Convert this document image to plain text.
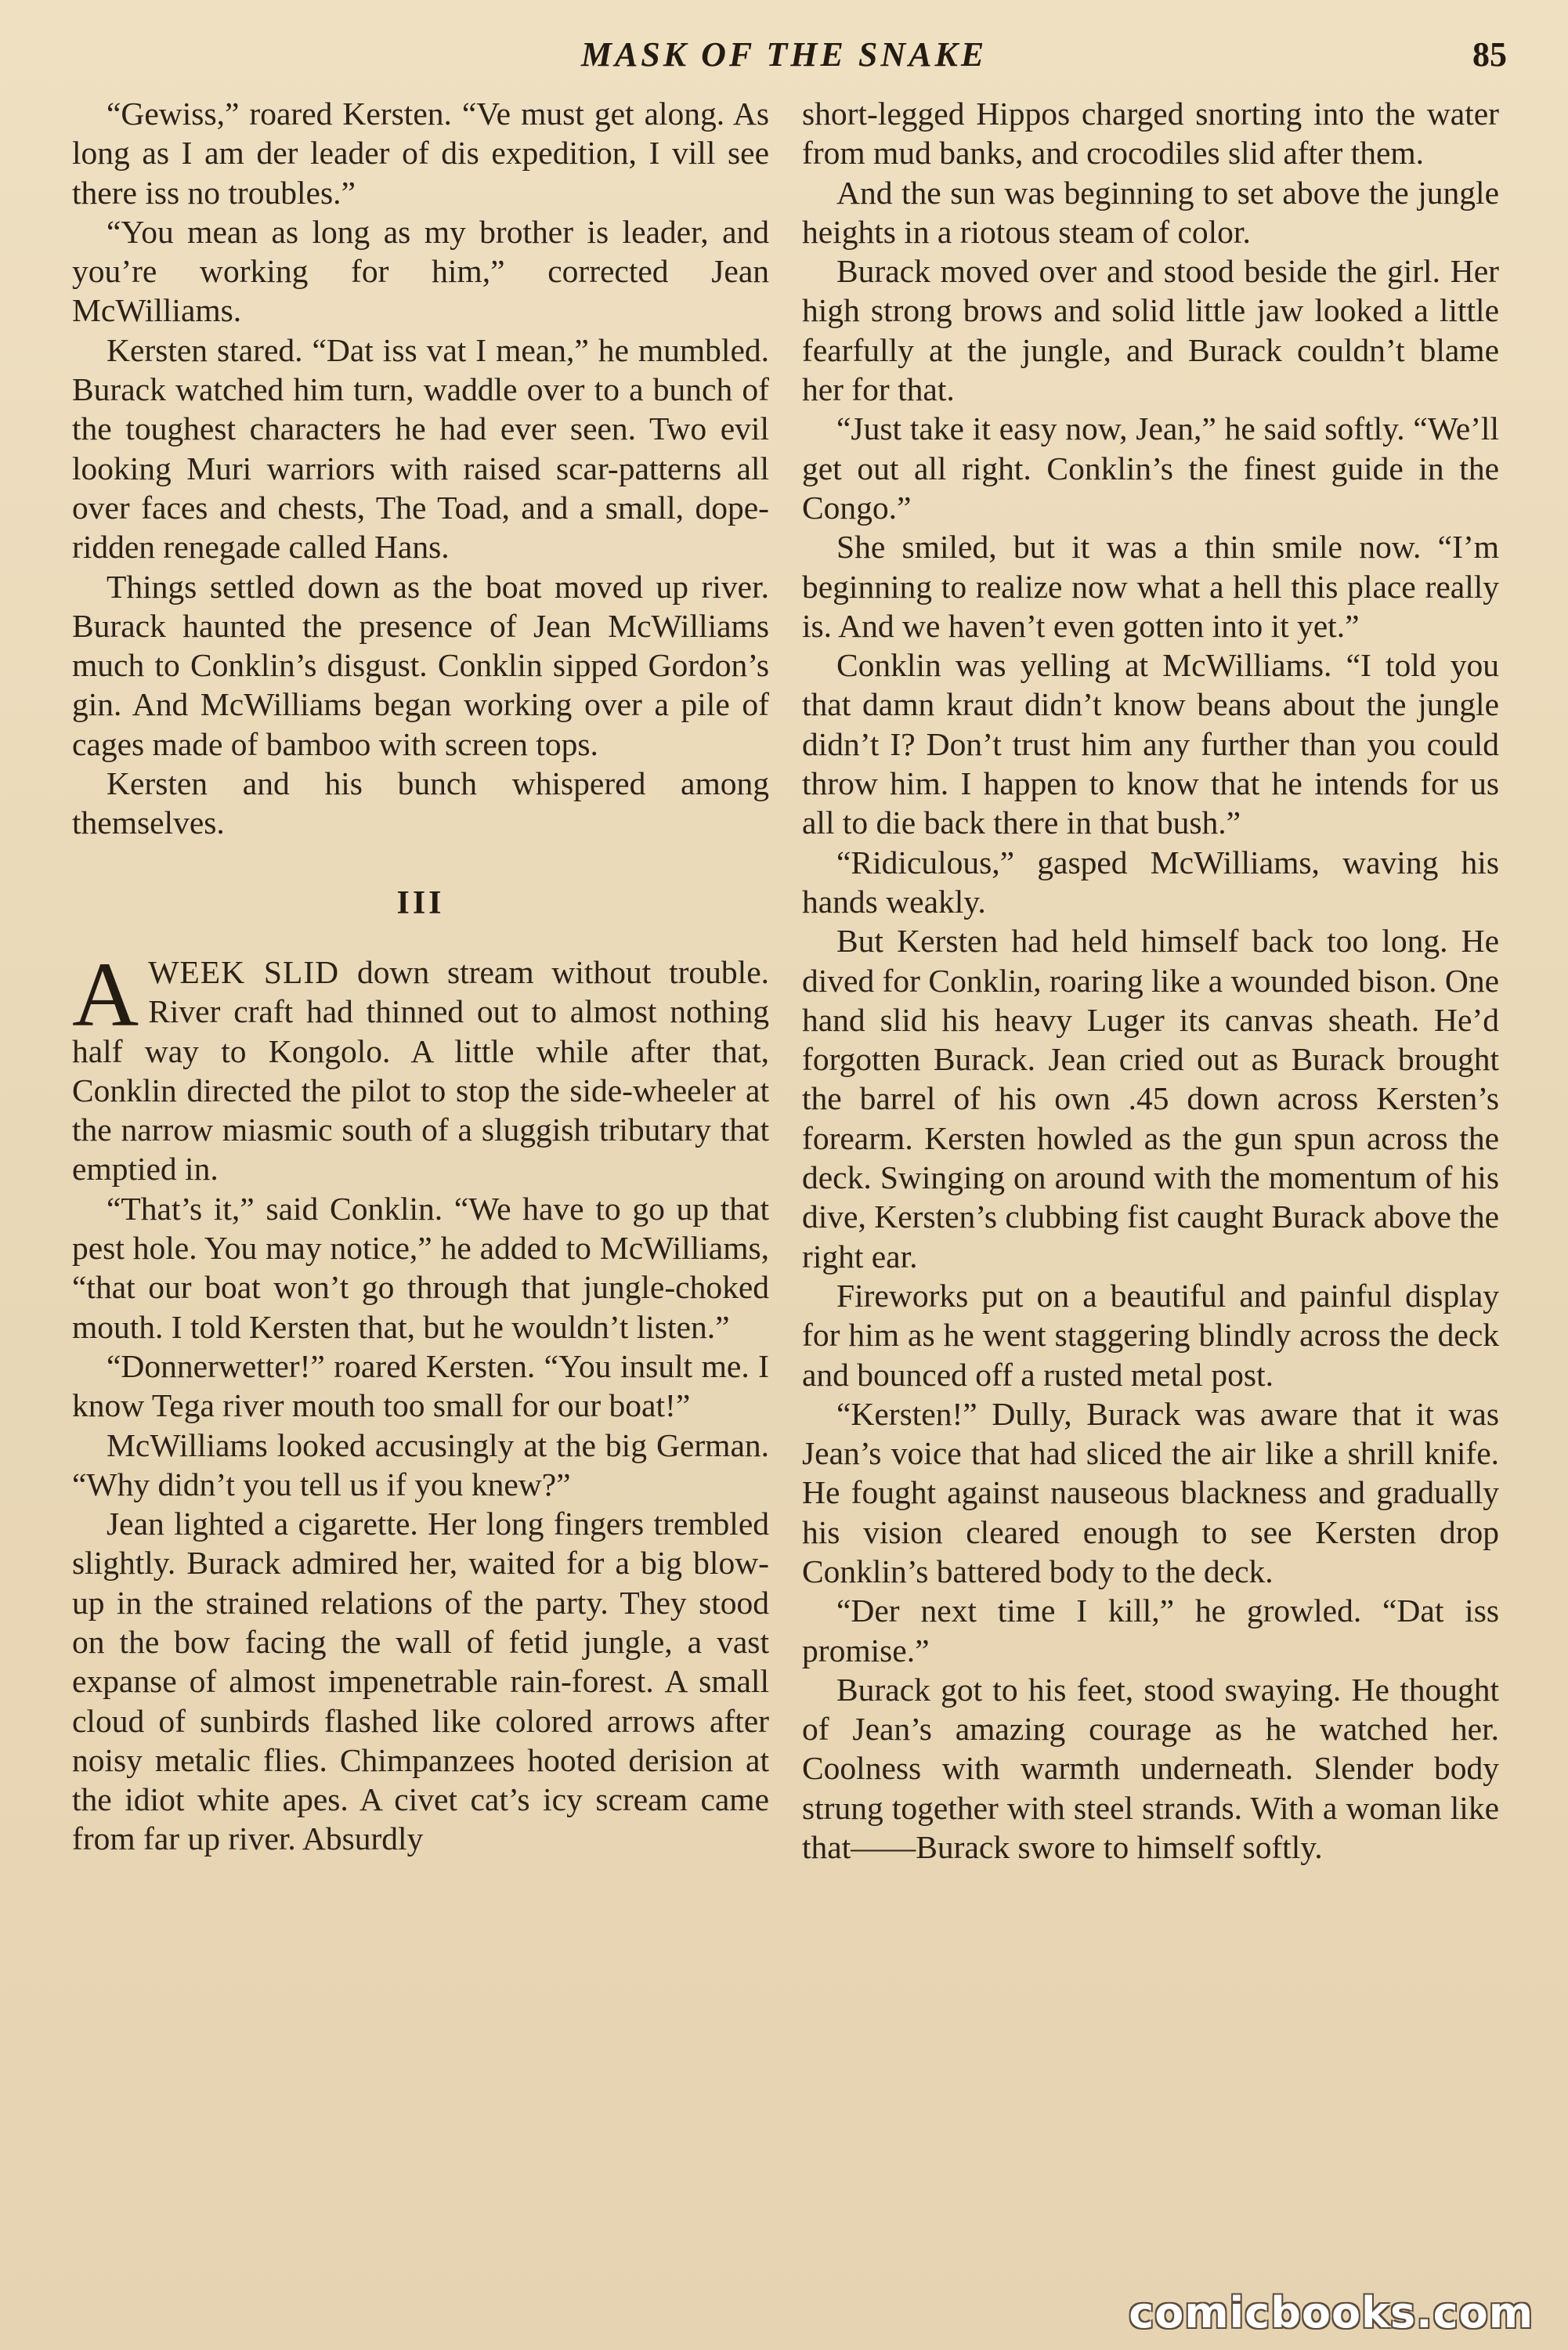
MASK OF THE SNAKE	85

“Gewiss,” roared Kersten. “Ve must get along. As long as I am der leader of dis expedition, I vill see there iss no troubles.”

“You mean as long as my brother is leader, and you’re working for him,” corrected Jean McWilliams.

Kersten stared. “Dat iss vat I mean,” he mumbled. Burack watched him turn, waddle over to a bunch of the toughest characters he had ever seen. Two evil looking Muri warriors with raised scar-patterns all over faces and chests, The Toad, and a small, dope-ridden renegade called Hans.

Things settled down as the boat moved up river. Burack haunted the presence of Jean McWilliams much to Conklin’s disgust. Conklin sipped Gordon’s gin. And McWilliams began working over a pile of cages made of bamboo with screen tops.

Kersten and his bunch whispered among themselves.

III

AWEEK SLID down stream without trouble. River craft had thinned out to almost nothing half way to Kongolo. A little while after that, Conklin directed the pilot to stop the side-wheeler at the narrow miasmic south of a sluggish tributary that emptied in.

“That’s it,” said Conklin. “We have to go up that pest hole. You may notice,” he added to McWilliams, “that our boat won’t go through that jungle-choked mouth. I told Kersten that, but he wouldn’t listen.”

“Donnerwetter!” roared Kersten. “You insult me. I know Tega river mouth too small for our boat!”

McWilliams looked accusingly at the big German. “Why didn’t you tell us if you knew?”

Jean lighted a cigarette. Her long fingers trembled slightly. Burack admired her, waited for a big blow-up in the strained relations of the party. They stood on the bow facing the wall of fetid jungle, a vast expanse of almost impenetrable rain-forest. A small cloud of sunbirds flashed like colored arrows after noisy metalic flies. Chimpanzees hooted derision at the idiot white apes. A civet cat’s icy scream came from far up river. Absurdly

short-legged Hippos charged snorting into the water from mud banks, and crocodiles slid after them.

And the sun was beginning to set above the jungle heights in a riotous steam of color.

Burack moved over and stood beside the girl. Her high strong brows and solid little jaw looked a little fearfully at the jungle, and Burack couldn’t blame her for that.

“Just take it easy now, Jean,” he said softly. “We’ll get out all right. Conklin’s the finest guide in the Congo.”

She smiled, but it was a thin smile now. “I’m beginning to realize now what a hell this place really is. And we haven’t even gotten into it yet.”

Conklin was yelling at McWilliams. “I told you that damn kraut didn’t know beans about the jungle didn’t I? Don’t trust him any further than you could throw him. I happen to know that he intends for us all to die back there in that bush.”

“Ridiculous,” gasped McWilliams, waving his hands weakly.

But Kersten had held himself back too long. He dived for Conklin, roaring like a wounded bison. One hand slid his heavy Luger its canvas sheath. He’d forgotten Burack. Jean cried out as Burack brought the barrel of his own .45 down across Kersten’s forearm. Kersten howled as the gun spun across the deck. Swinging on around with the momentum of his dive, Kersten’s clubbing fist caught Burack above the right ear.

Fireworks put on a beautiful and painful display for him as he went staggering blindly across the deck and bounced off a rusted metal post.

“Kersten!” Dully, Burack was aware that it was Jean’s voice that had sliced the air like a shrill knife. He fought against nauseous blackness and gradually his vision cleared enough to see Kersten drop Conklin’s battered body to the deck.

“Der next time I kill,” he growled. “Dat iss promise.”

Burack got to his feet, stood swaying. He thought of Jean’s amazing courage as he watched her. Coolness with warmth underneath. Slender body strung together with steel strands. With a woman like that——Burack swore to himself softly.

comicbooks.com
